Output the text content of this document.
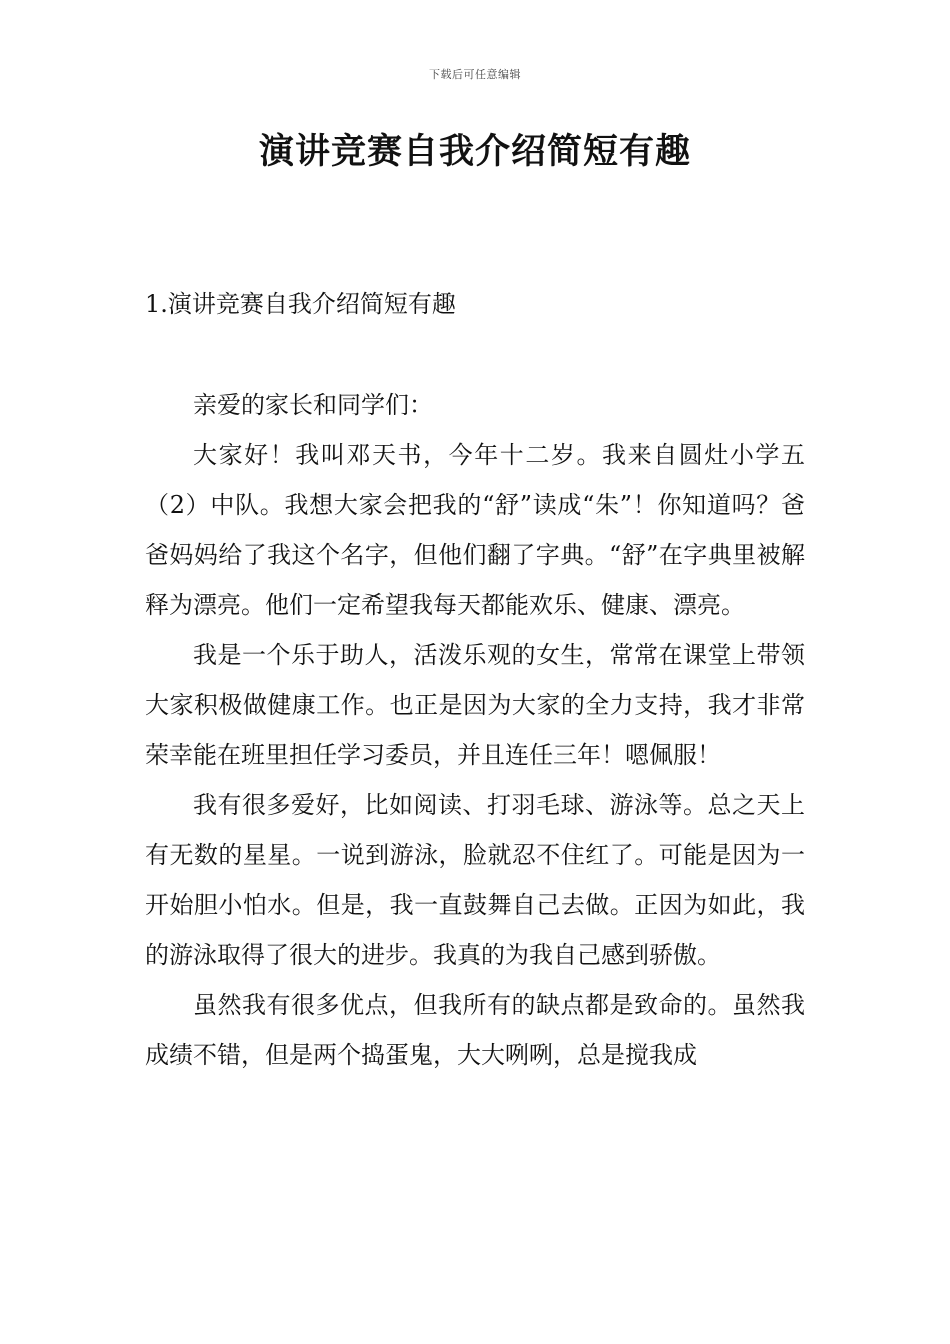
下载后可任意编辑
演讲竞赛自我介绍简短有趣
1.演讲竞赛自我介绍简短有趣

亲爱的家长和同学们：

大家好！我叫邓天书，今年十二岁。我来自圆灶小学五（2）中队。我想大家会把我的“舒”读成“朱”！你知道吗？爸爸妈妈给了我这个名字，但他们翻了字典。“舒”在字典里被解释为漂亮。他们一定希望我每天都能欢乐、健康、漂亮。

我是一个乐于助人，活泼乐观的女生，常常在课堂上带领大家积极做健康工作。也正是因为大家的全力支持，我才非常荣幸能在班里担任学习委员，并且连任三年！嗯佩服！

我有很多爱好，比如阅读、打羽毛球、游泳等。总之天上有无数的星星。一说到游泳，脸就忍不住红了。可能是因为一开始胆小怕水。但是，我一直鼓舞自己去做。正因为如此，我的游泳取得了很大的进步。我真的为我自己感到骄傲。

虽然我有很多优点，但我所有的缺点都是致命的。虽然我成绩不错，但是两个捣蛋鬼，大大咧咧，总是搅我成
